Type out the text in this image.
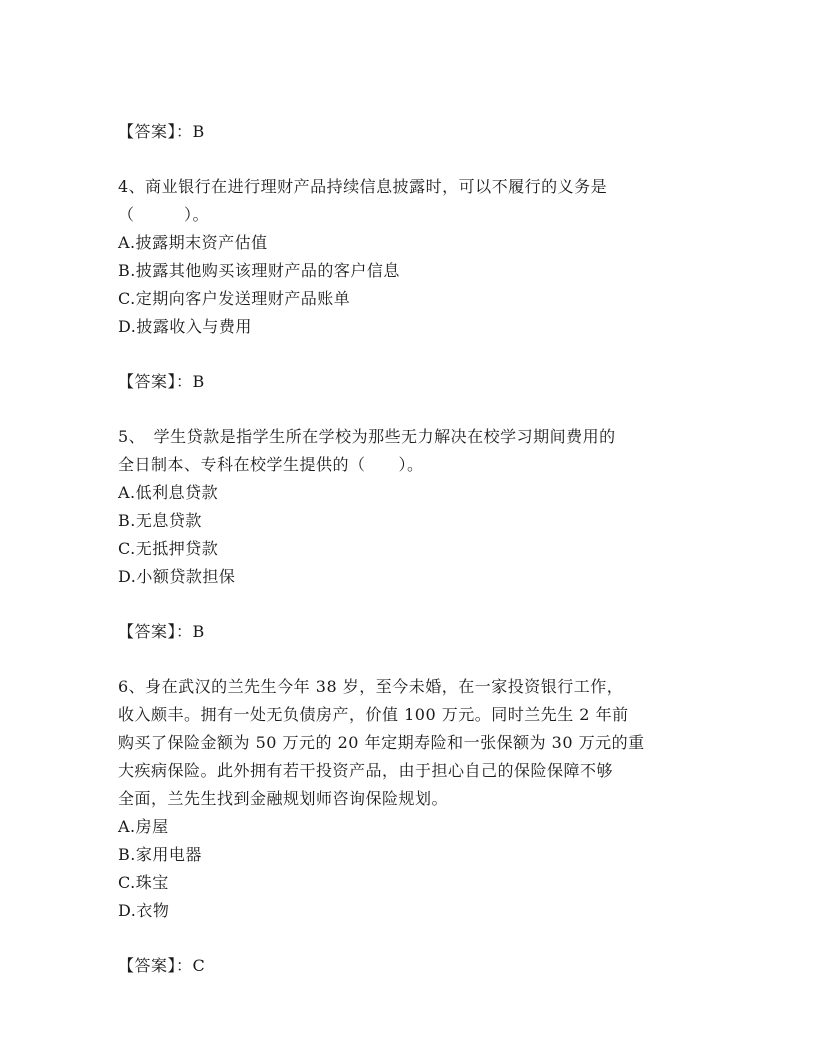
【答案】：B
4、商业银行在进行理财产品持续信息披露时，可以不履行的义务是
（　　　）。
A.披露期末资产估值
B.披露其他购买该理财产品的客户信息
C.定期向客户发送理财产品账单
D.披露收入与费用
【答案】：B
5、　学生贷款是指学生所在学校为那些无力解决在校学习期间费用的
全日制本、专科在校学生提供的（　　）。
A.低利息贷款
B.无息贷款
C.无抵押贷款
D.小额贷款担保
【答案】：B
6、身在武汉的兰先生今年 38 岁，至今未婚，在一家投资银行工作，
收入颇丰。拥有一处无负债房产，价值 100 万元。同时兰先生 2 年前
购买了保险金额为 50 万元的 20 年定期寿险和一张保额为 30 万元的重
大疾病保险。此外拥有若干投资产品，由于担心自己的保险保障不够
全面，兰先生找到金融规划师咨询保险规划。
A.房屋
B.家用电器
C.珠宝
D.衣物
【答案】：C
